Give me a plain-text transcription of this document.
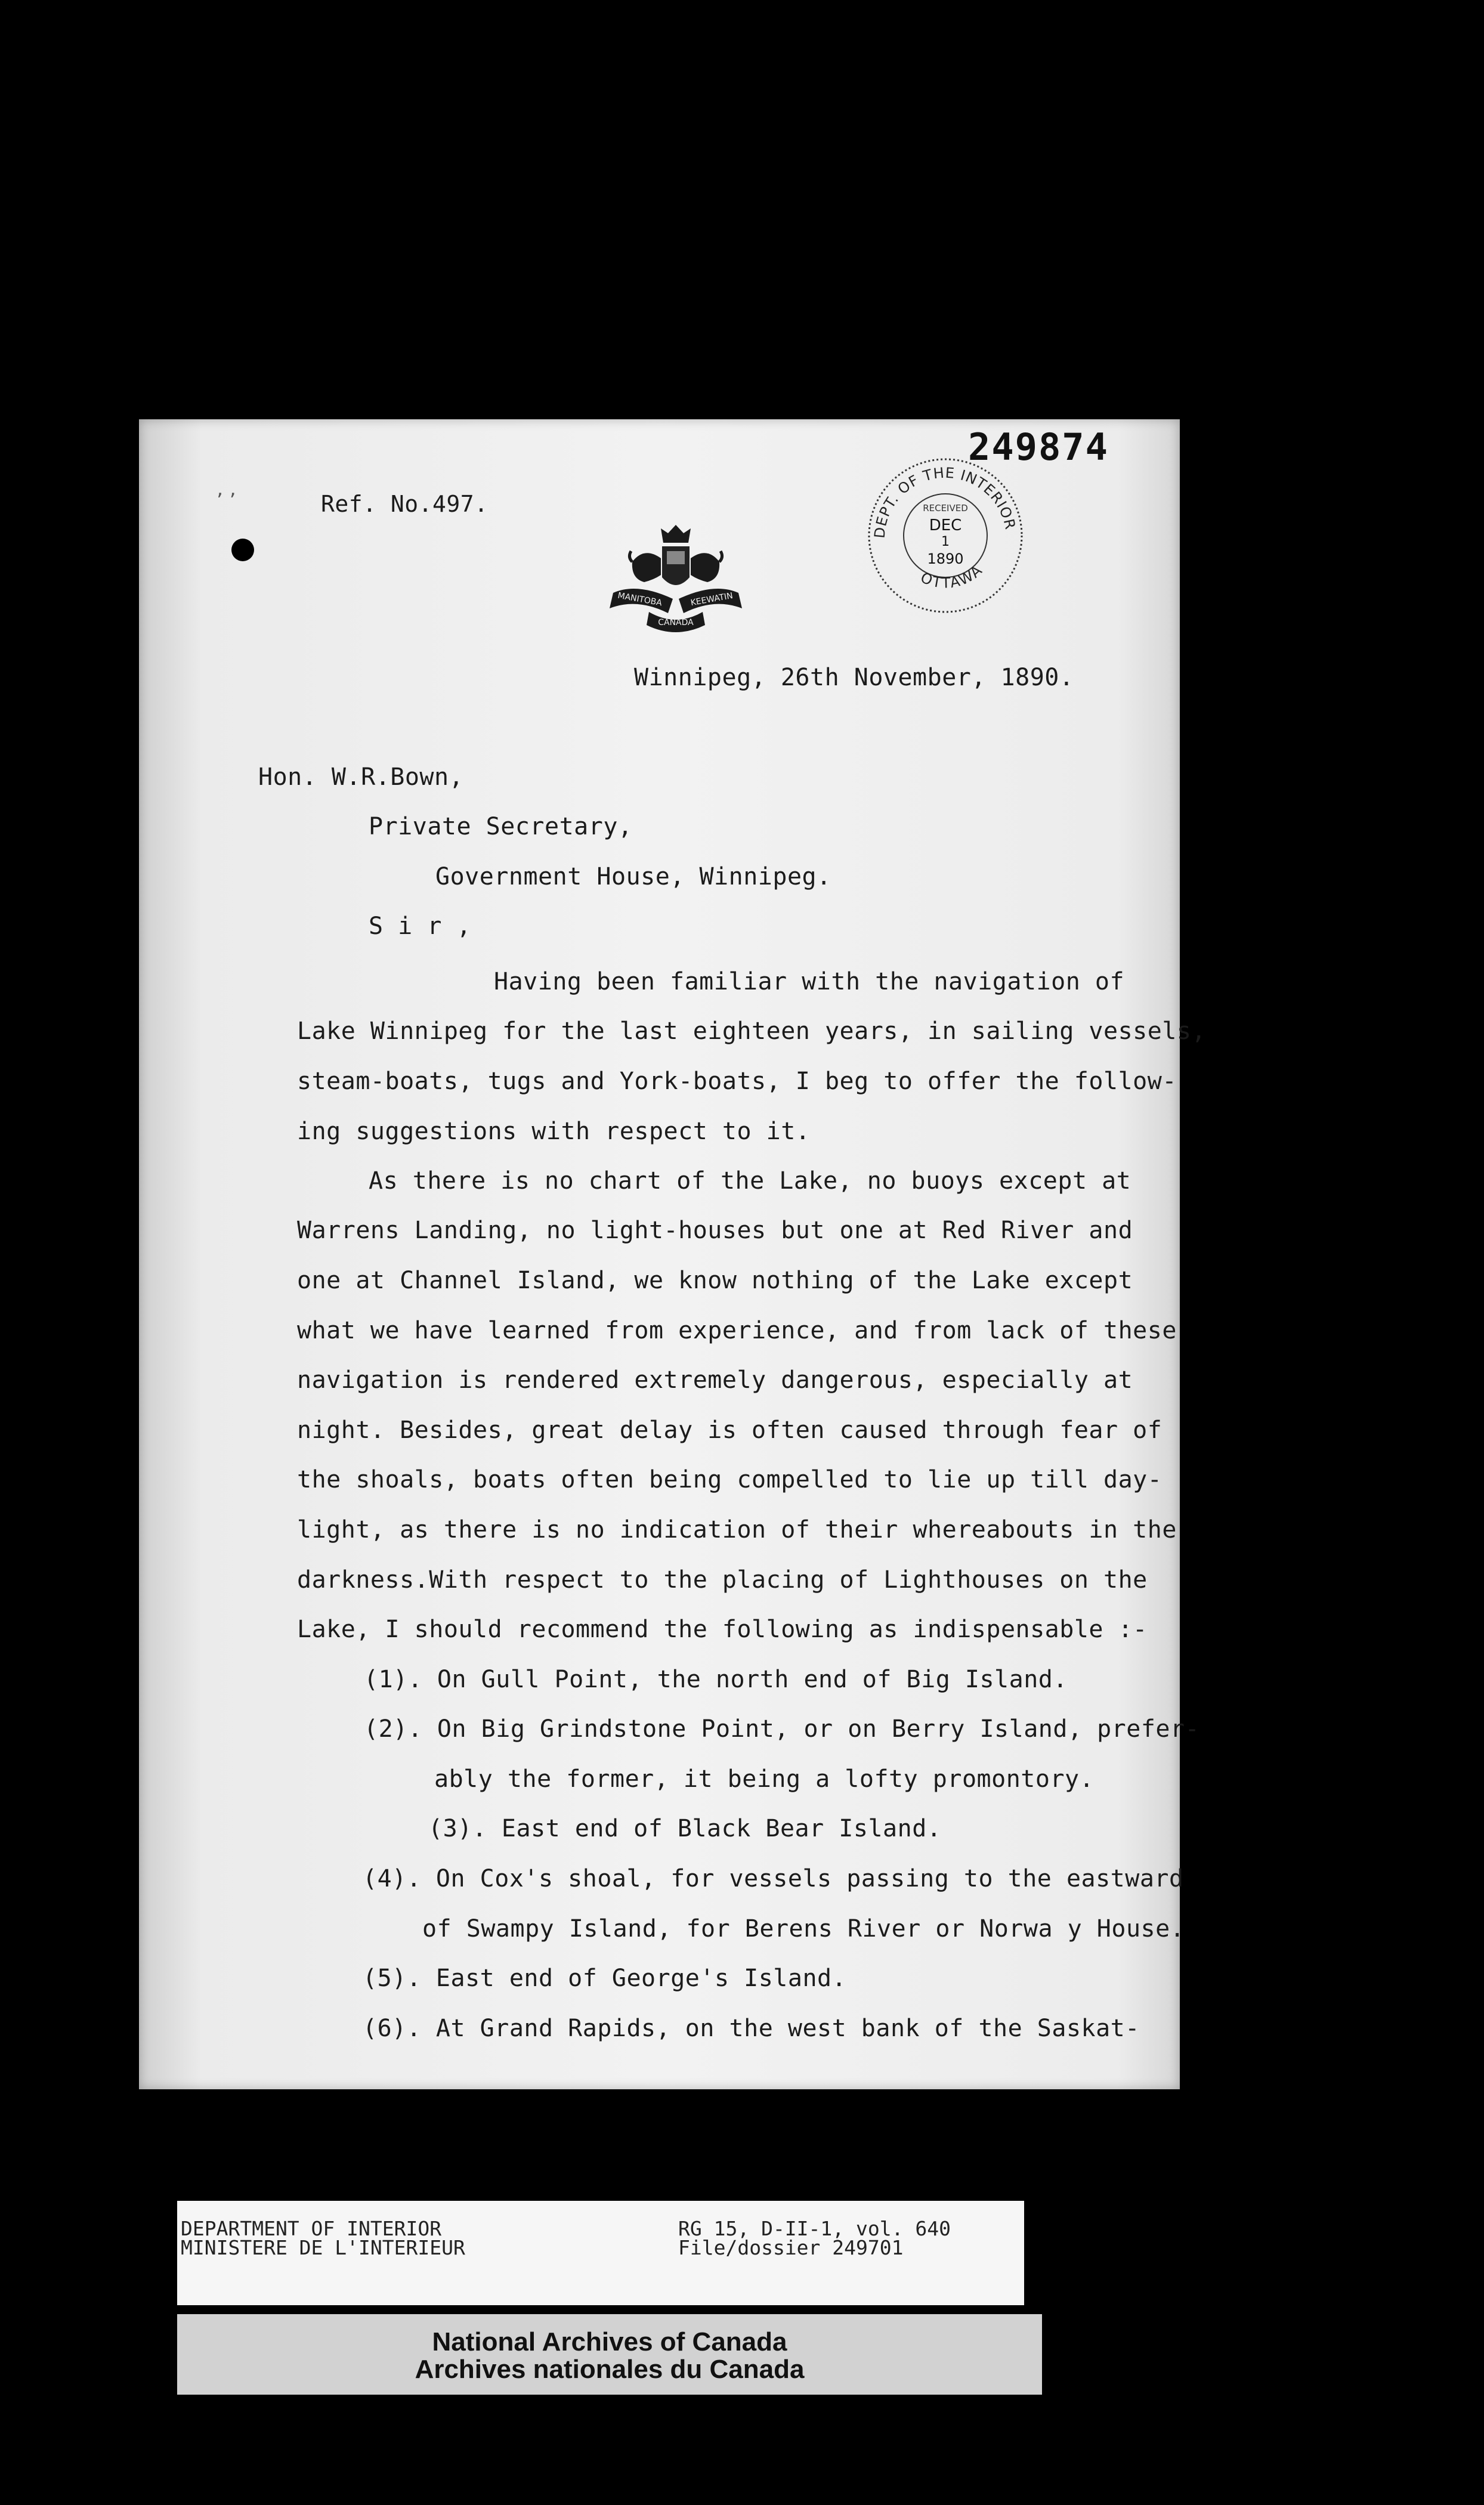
249874
DEPT. OF THE INTERIOR
OTTAWA
RECEIVED
DEC
1
1890
ʼ ʼ	Ref. No.497.
MANITOBA	KEEWATIN
CANADA
Winnipeg, 26th November, 1890.
Hon. W.R.Bown,
Private Secretary,
Government House, Winnipeg.
S i r ,
Having been familiar with the navigation of
Lake Winnipeg for the last eighteen years, in sailing vessels,
steam-boats, tugs and York-boats, I beg to offer the follow-
ing suggestions with respect to it.
As there is no chart of the Lake, no buoys except at
Warrens Landing, no light-houses but one at Red River and
one at Channel Island, we know nothing of the Lake except
what we have learned from experience, and from lack of these
navigation is rendered extremely dangerous, especially at
night. Besides, great delay is often caused through fear of
the shoals, boats often being compelled to lie up till day-
light, as there is no indication of their whereabouts in the
darkness.With respect to the placing of Lighthouses on the
Lake, I should recommend the following as indispensable :-
(1). On Gull Point, the north end of Big Island.
(2). On Big Grindstone Point, or on Berry Island, prefer-
ably the former, it being a lofty promontory.
(3). East end of Black Bear Island.
(4). On Cox's shoal, for vessels passing to the eastward
of Swampy Island, for Berens River or Norwa y House.
(5). East end of George's Island.
(6). At Grand Rapids, on the west bank of the Saskat-
DEPARTMENT OF INTERIOR
MINISTERE DE L'INTERIEUR
RG 15, D-II-1, vol. 640
File/dossier 249701
National Archives of Canada
Archives nationales du Canada
